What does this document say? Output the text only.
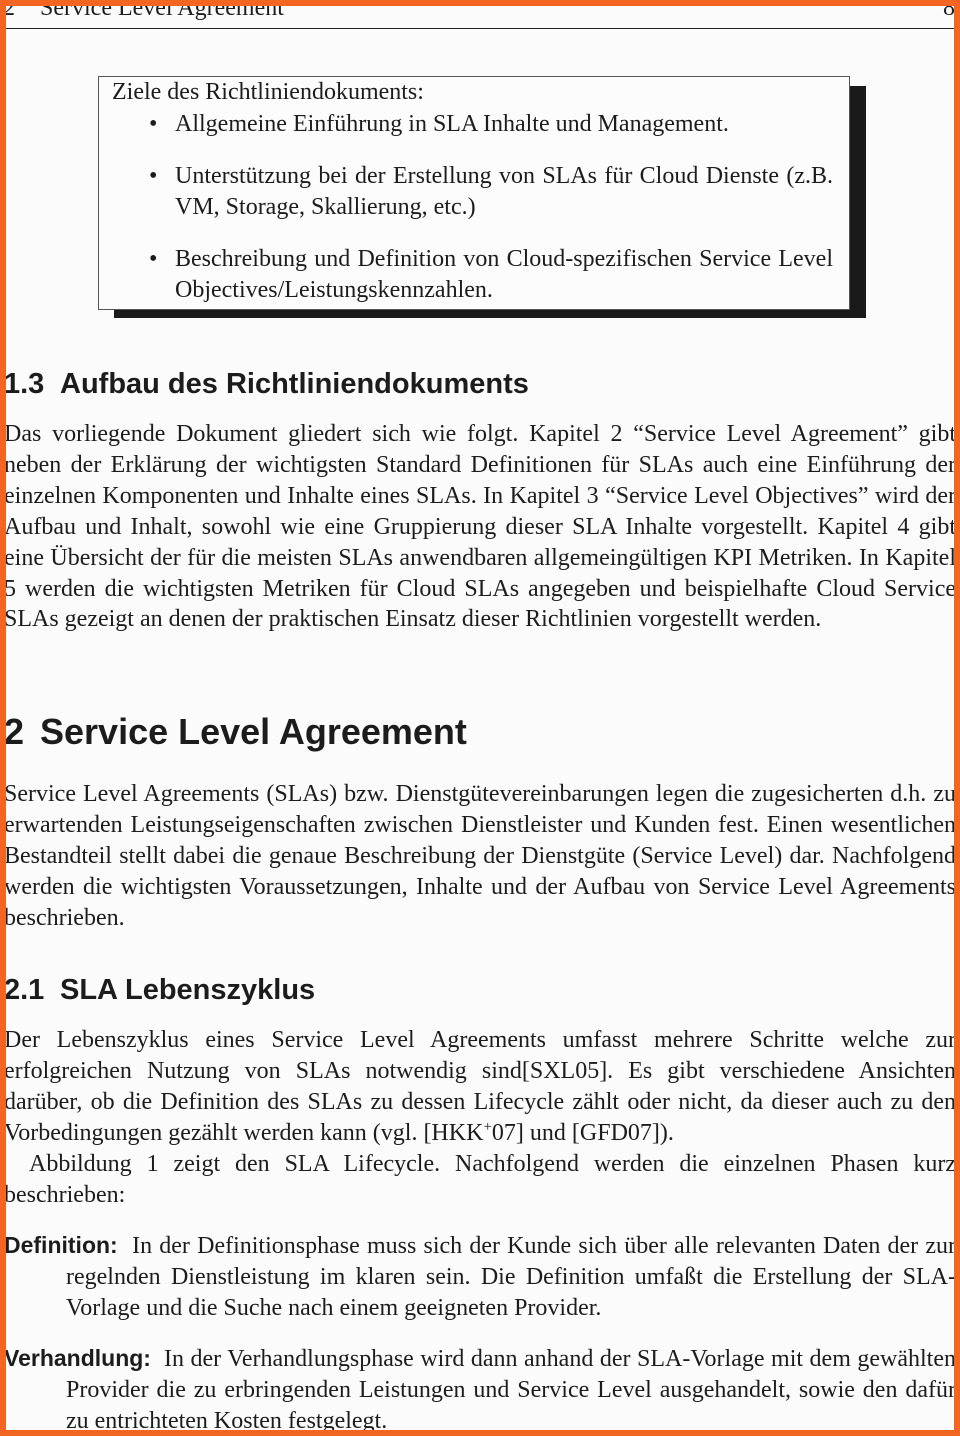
2 Service Level Agreement	8
Ziele des Richtliniendokuments:
• Allgemeine Einführung in SLA Inhalte und Management.
• Unterstützung bei der Erstellung von SLAs für Cloud Dienste (z.B. VM, Storage, Skallierung, etc.)
• Beschreibung und Definition von Cloud-spezifischen Service Level Objectives/Leistungskennzahlen.
1.3 Aufbau des Richtliniendokuments

Das vorliegende Dokument gliedert sich wie folgt. Kapitel 2 “Service Level Agreement” gibt neben der Erklärung der wichtigsten Standard Definitionen für SLAs auch eine Einführung der einzelnen Komponenten und Inhalte eines SLAs. In Kapitel 3 “Service Level Objectives” wird der Aufbau und Inhalt, sowohl wie eine Gruppierung dieser SLA Inhalte vorgestellt. Kapitel 4 gibt eine Übersicht der für die meisten SLAs anwendbaren allgemeingültigen KPI Metriken. In Kapitel 5 werden die wichtigsten Metriken für Cloud SLAs angegeben und beispielhafte Cloud Service SLAs gezeigt an denen der praktischen Einsatz dieser Richtlinien vorgestellt werden.

2 Service Level Agreement

Service Level Agreements (SLAs) bzw. Dienstgütevereinbarungen legen die zugesicherten d.h. zu erwartenden Leistungseigenschaften zwischen Dienstleister und Kunden fest. Einen wesentlichen Bestandteil stellt dabei die genaue Beschreibung der Dienstgüte (Service Level) dar. Nachfolgend werden die wichtigsten Voraussetzungen, Inhalte und der Aufbau von Service Level Agreements beschrieben.

2.1 SLA Lebenszyklus

Der Lebenszyklus eines Service Level Agreements umfasst mehrere Schritte welche zur erfolgreichen Nutzung von SLAs notwendig sind[SXL05]. Es gibt verschiedene Ansichten darüber, ob die Definition des SLAs zu dessen Lifecycle zählt oder nicht, da dieser auch zu den Vorbedingungen gezählt werden kann (vgl. [HKK+07] und [GFD07]).

Abbildung 1 zeigt den SLA Lifecycle. Nachfolgend werden die einzelnen Phasen kurz beschrieben:

Definition: In der Definitionsphase muss sich der Kunde sich über alle relevanten Daten der zur regelnden Dienstleistung im klaren sein. Die Definition umfaßt die Erstellung der SLA-Vorlage und die Suche nach einem geeigneten Provider.

Verhandlung: In der Verhandlungsphase wird dann anhand der SLA-Vorlage mit dem gewählten Provider die zu erbringenden Leistungen und Service Level ausgehandelt, sowie den dafür zu entrichteten Kosten festgelegt.
